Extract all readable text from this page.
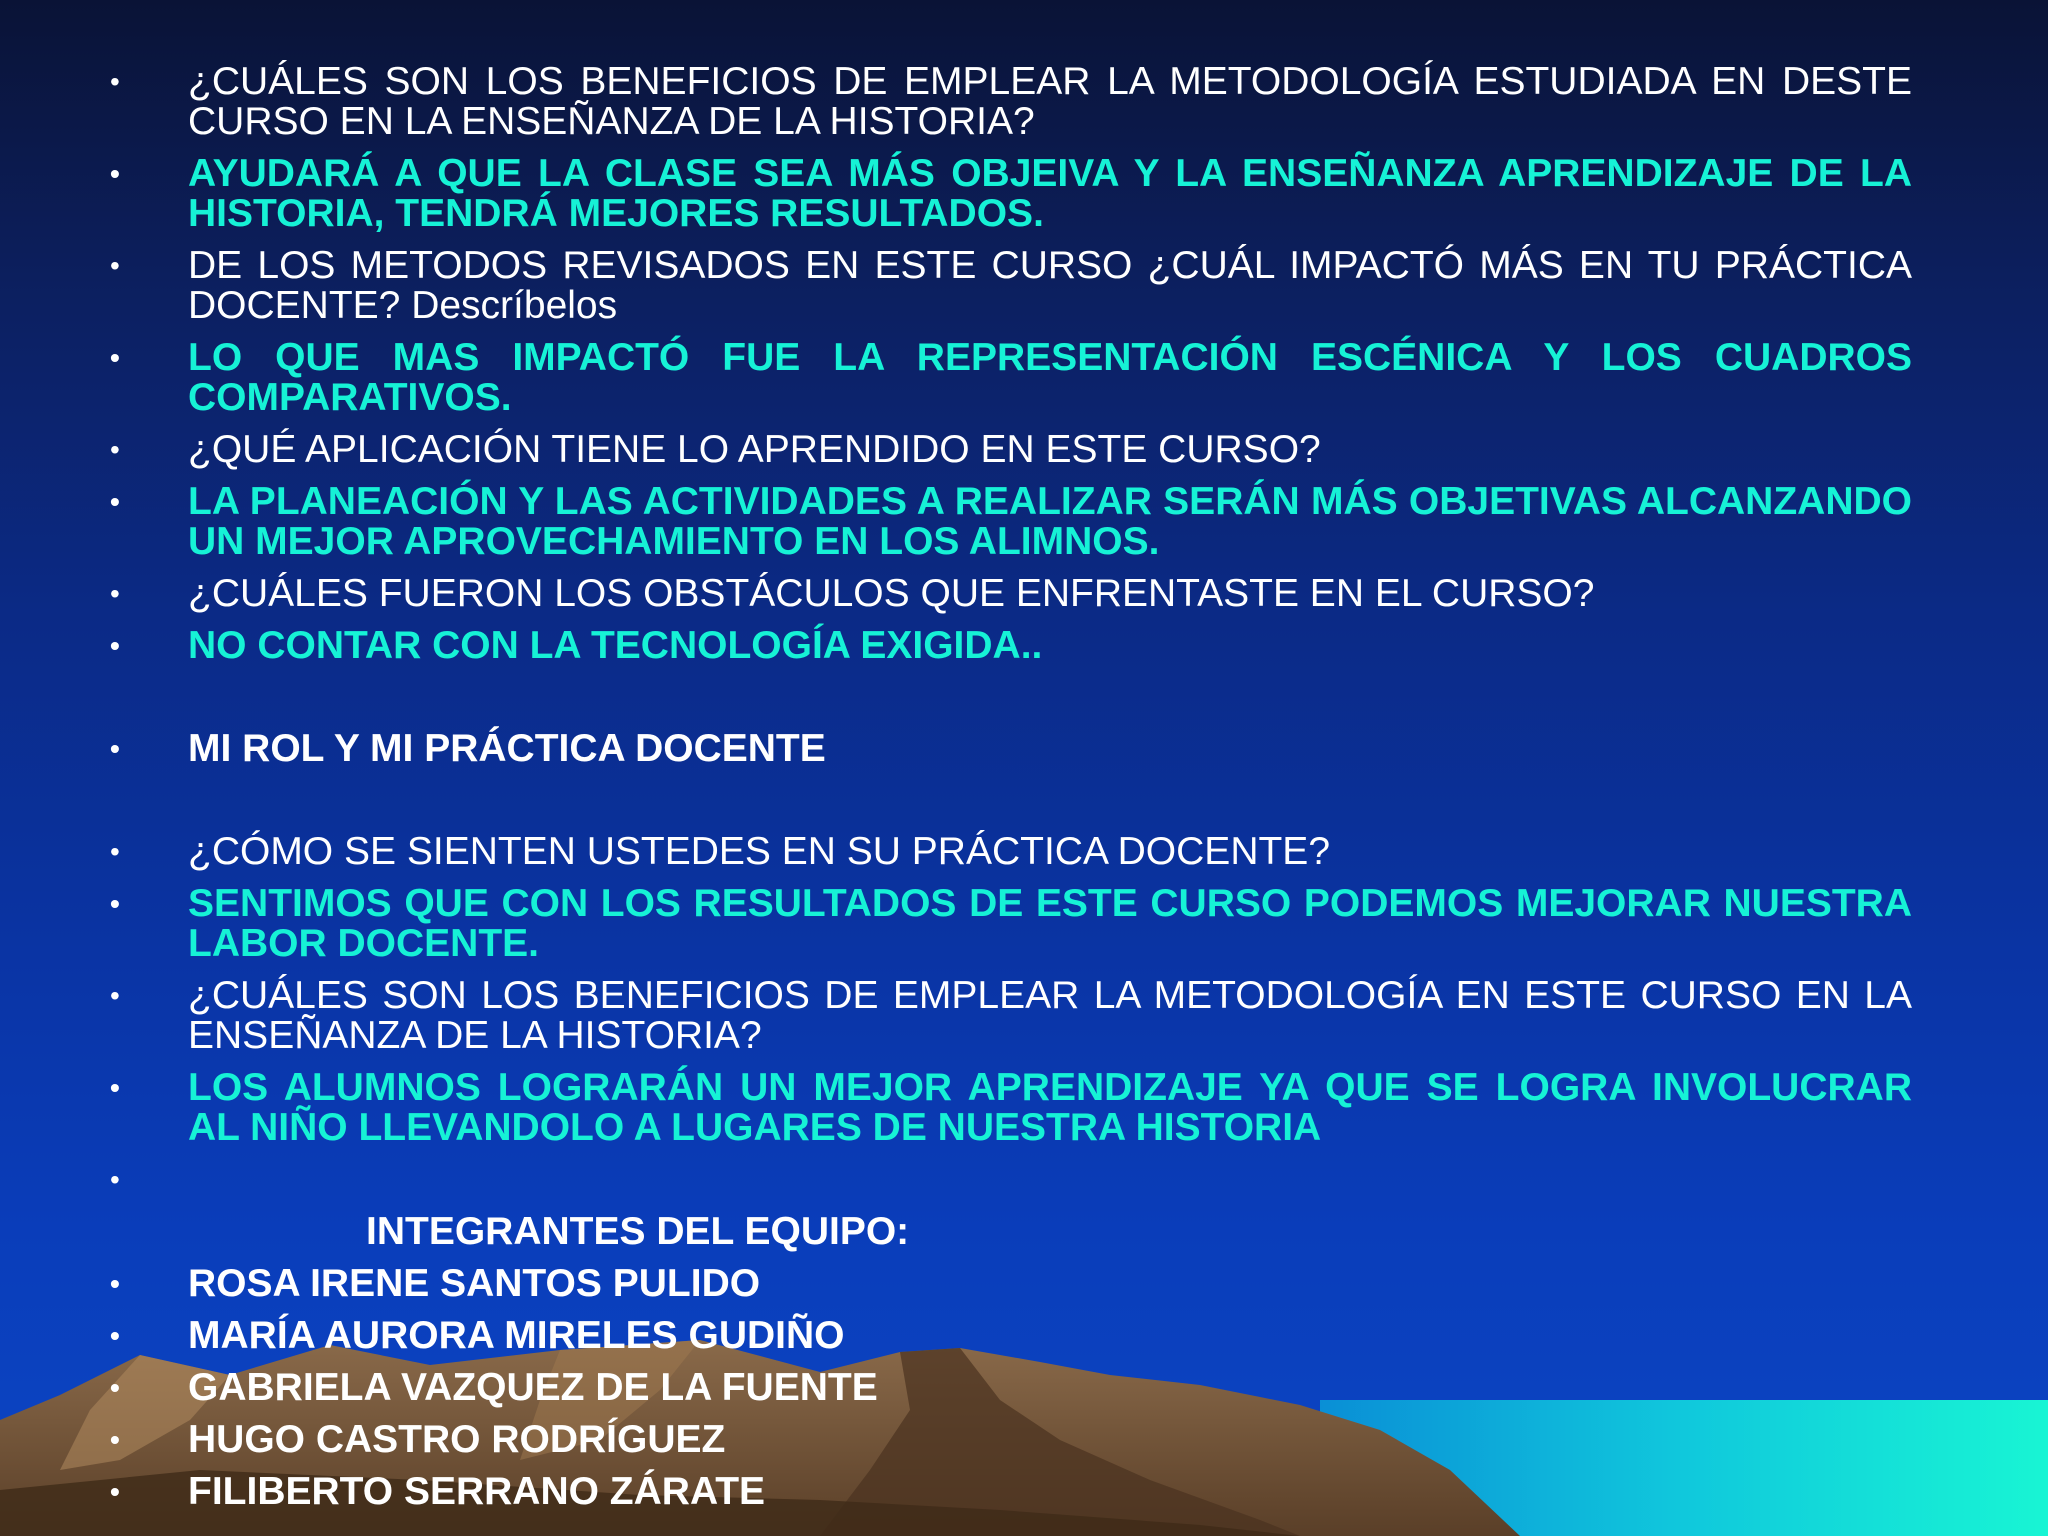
• ¿CUÁLES SON LOS BENEFICIOS DE EMPLEAR LA METODOLOGÍA ESTUDIADA EN DESTE CURSO EN LA ENSEÑANZA DE LA HISTORIA?
• AYUDARÁ A QUE LA CLASE SEA MÁS OBJEIVA Y LA ENSEÑANZA APRENDIZAJE DE LA HISTORIA, TENDRÁ MEJORES RESULTADOS.
• DE LOS METODOS REVISADOS EN ESTE CURSO ¿CUÁL IMPACTÓ MÁS EN TU PRÁCTICA DOCENTE? Descríbelos
• LO QUE MAS IMPACTÓ FUE LA REPRESENTACIÓN ESCÉNICA Y LOS CUADROS COMPARATIVOS.
• ¿QUÉ APLICACIÓN TIENE LO APRENDIDO EN ESTE CURSO?
• LA PLANEACIÓN Y LAS ACTIVIDADES A REALIZAR SERÁN MÁS OBJETIVAS ALCANZANDO UN MEJOR APROVECHAMIENTO EN LOS ALIMNOS.
• ¿CUÁLES FUERON LOS OBSTÁCULOS QUE ENFRENTASTE EN EL CURSO?
• NO CONTAR CON LA TECNOLOGÍA EXIGIDA..
• MI ROL Y MI PRÁCTICA DOCENTE
• ¿CÓMO SE SIENTEN USTEDES EN SU PRÁCTICA DOCENTE?
• SENTIMOS QUE CON LOS RESULTADOS DE ESTE CURSO PODEMOS MEJORAR NUESTRA LABOR DOCENTE.
• ¿CUÁLES SON LOS BENEFICIOS DE EMPLEAR LA METODOLOGÍA EN ESTE CURSO EN LA ENSEÑANZA DE LA HISTORIA?
• LOS ALUMNOS LOGRARÁN UN MEJOR APRENDIZAJE YA QUE SE LOGRA INVOLUCRAR AL NIÑO LLEVANDOLO A LUGARES DE NUESTRA HISTORIA
•

INTEGRANTES DEL EQUIPO:
• ROSA IRENE SANTOS PULIDO
• MARÍA AURORA MIRELES GUDIÑO
• GABRIELA VAZQUEZ DE LA FUENTE
• HUGO CASTRO RODRÍGUEZ
• FILIBERTO SERRANO ZÁRATE
